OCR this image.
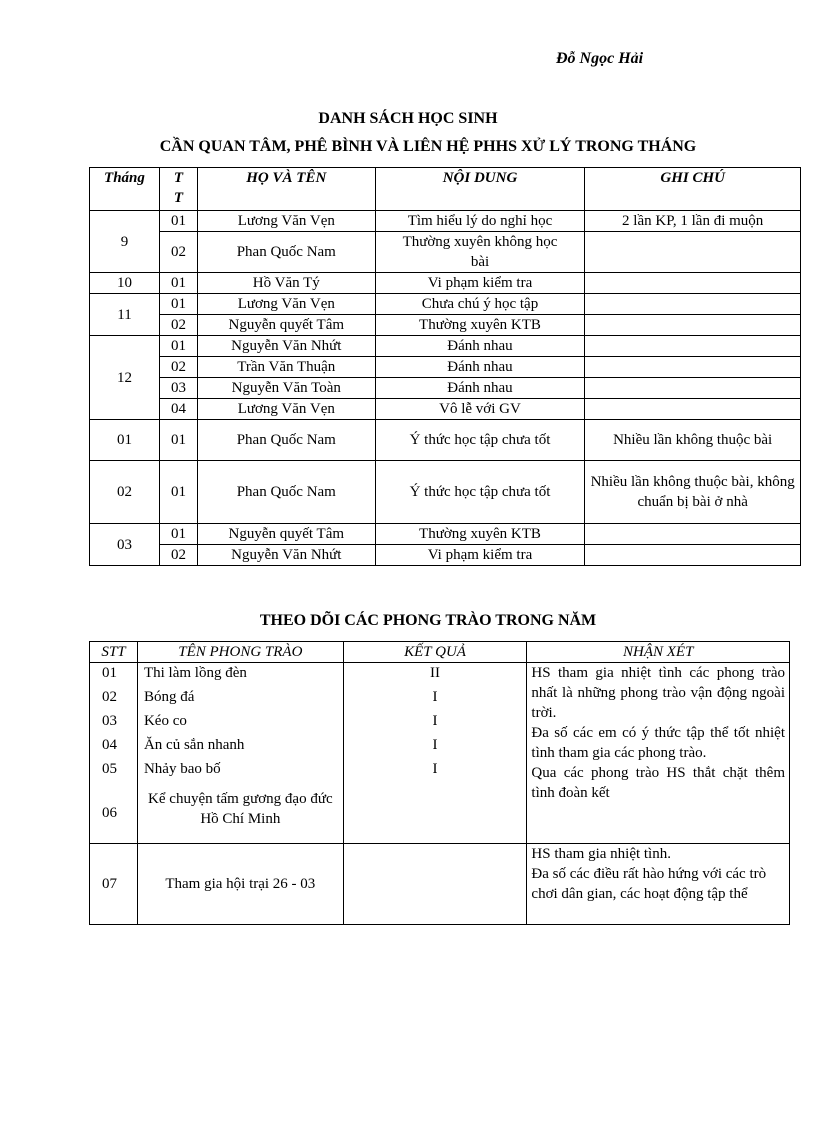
Đỗ Ngọc Hải
DANH SÁCH HỌC SINH
CẦN QUAN TÂM, PHÊ BÌNH VÀ LIÊN HỆ PHHS XỬ LÝ TRONG THÁNG
Tháng	T T	HỌ VÀ TÊN	NỘI DUNG	GHI CHÚ
9	01	Lương Văn Vẹn	Tìm hiểu lý do nghỉ học	2 lần KP, 1 lần đi muộn
	02	Phan Quốc Nam	Thường xuyên không học bài	
10	01	Hồ Văn Tý	Vi phạm kiểm tra	
11	01	Lương Văn Vẹn	Chưa chú ý học tập	
	02	Nguyễn quyết Tâm	Thường xuyên KTB	
12	01	Nguyễn Văn Nhứt	Đánh nhau	
	02	Trần Văn Thuận	Đánh nhau	
	03	Nguyễn Văn Toàn	Đánh nhau	
	04	Lương Văn Vẹn	Vô lễ với GV	
01	01	Phan Quốc Nam	Ý thức học tập chưa tốt	Nhiều lần không thuộc bài
02	01	Phan Quốc Nam	Ý thức học tập chưa tốt	Nhiều lần không thuộc bài, không chuẩn bị bài ở nhà
03	01	Nguyễn quyết Tâm	Thường xuyên KTB	
	02	Nguyễn Văn Nhứt	Vi phạm kiểm tra	
THEO DÕI CÁC PHONG TRÀO TRONG NĂM
STT	TÊN PHONG TRÀO	KẾT QUẢ	NHẬN XÉT
01	Thi làm lồng đèn	II	HS tham gia nhiệt tình các phong trào nhất là những phong trào vận động ngoài trời.

Đa số các em có ý thức tập thể tốt nhiệt tình tham gia các phong trào.

Qua các phong trào HS thắt chặt thêm tình đoàn kết

02	Bóng đá	I	
03	Kéo co	I	
04	Ăn củ sắn nhanh	I	
05	Nhảy bao bố	I	
06	Kể chuyện tấm gương đạo đức Hồ Chí Minh		
07	Tham gia hội trại 26 - 03		HS tham gia nhiệt tình.

Đa số các điều rất hào hứng với các trò chơi dân gian, các hoạt động tập thể
